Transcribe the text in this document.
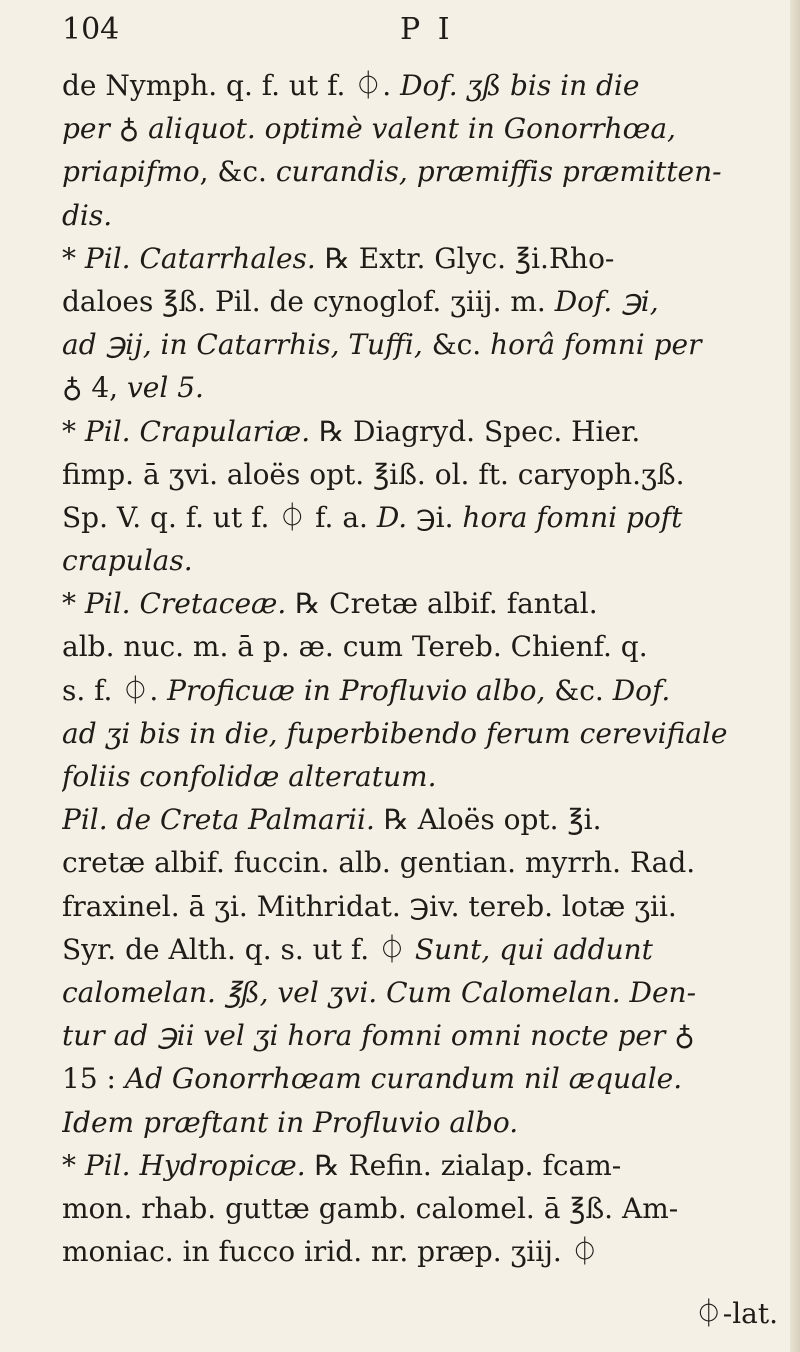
104	P I
de Nymph. q. f. ut f. ⏀. Dof. ʒß bis in die
per ♁ aliquot. optimè valent in Gonorrhœa,
priapifmo, &c. curandis, præmiffis præmitten-
dis.
* Pil. Catarrhales. ℞ Extr. Glyc. ℥i.Rho-
daloes ℥ß. Pil. de cynoglof. ʒiij. m. Dof. ℈i,
ad ℈ij, in Catarrhis, Tuffi, &c. horâ fomni per
♁ 4, vel 5.
* Pil. Crapulariæ. ℞ Diagryd. Spec. Hier.
fimp. ā ʒvi. aloës opt. ℥iß. ol. ft. caryoph.ʒß.
Sp. V. q. f. ut f. ⏀ f. a. D. ℈i. hora fomni poft
crapulas.
* Pil. Cretaceæ. ℞ Cretæ albif. fantal.
alb. nuc. m. ā p. æ. cum Tereb. Chienf. q.
s. f. ⏀. Proficuæ in Profluvio albo, &c. Dof.
ad ʒi bis in die, fuperbibendo ferum cerevifiale
foliis confolidæ alteratum.
Pil. de Creta Palmarii. ℞ Aloës opt. ℥i.
cretæ albif. fuccin. alb. gentian. myrrh. Rad.
fraxinel. ā ʒi. Mithridat. ℈iv. tereb. lotæ ʒii.
Syr. de Alth. q. s. ut f. ⏀ Sunt, qui addunt
calomelan. ℥ß, vel ʒvi. Cum Calomelan. Den-
tur ad ℈ii vel ʒi hora fomni omni nocte per ♁
15 : Ad Gonorrhœam curandum nil æquale.
Idem præftant in Profluvio albo.
* Pil. Hydropicæ. ℞ Refin. zialap. fcam-
mon. rhab. guttæ gamb. calomel. ā ℥ß. Am-
moniac. in fucco irid. nr. præp. ʒiij. ⏀
⏀-lat.
